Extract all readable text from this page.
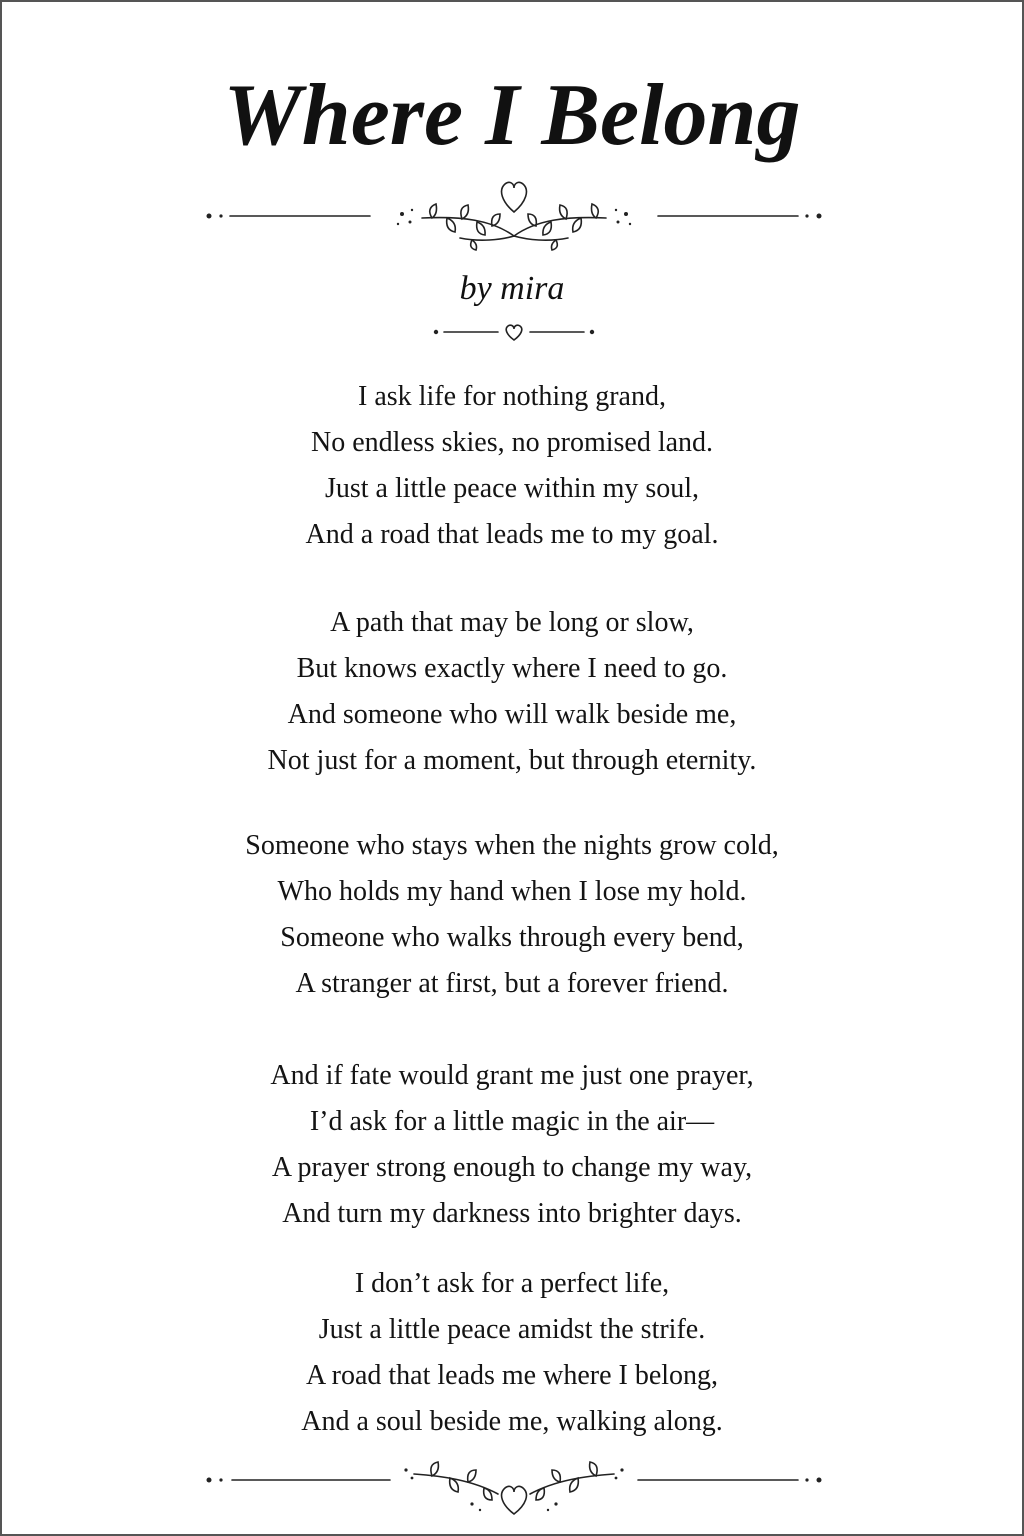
Where I Belong

by mira

I ask life for nothing grand,
No endless skies, no promised land.
Just a little peace within my soul,
And a road that leads me to my goal.
A path that may be long or slow,
But knows exactly where I need to go.
And someone who will walk beside me,
Not just for a moment, but through eternity.
Someone who stays when the nights grow cold,
Who holds my hand when I lose my hold.
Someone who walks through every bend,
A stranger at first, but a forever friend.
And if fate would grant me just one prayer,
I’d ask for a little magic in the air—
A prayer strong enough to change my way,
And turn my darkness into brighter days.
I don’t ask for a perfect life,
Just a little peace amidst the strife.
A road that leads me where I belong,
And a soul beside me, walking along.
